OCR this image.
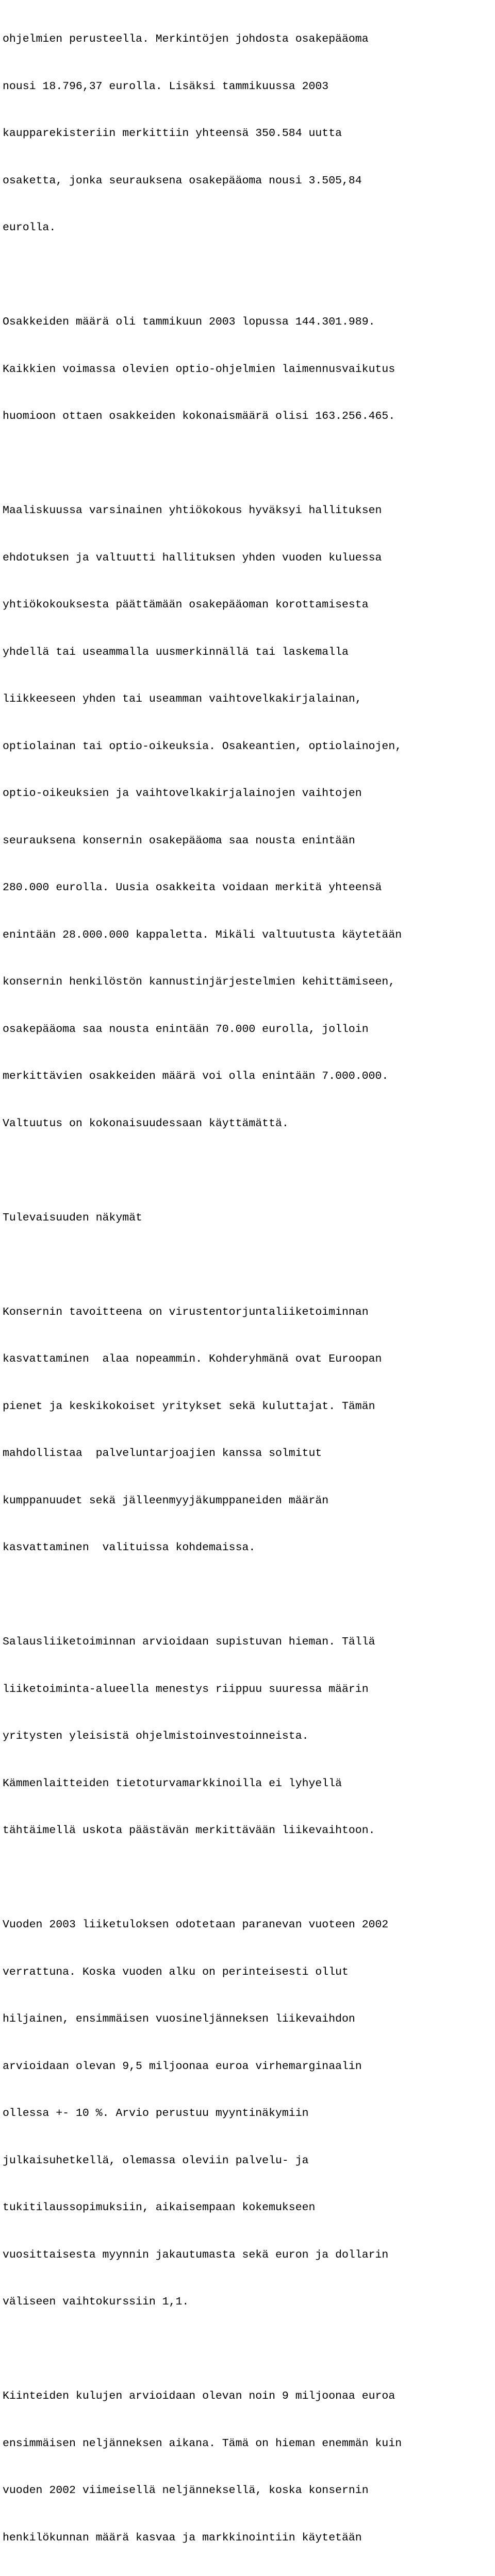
ohjelmien perusteella. Merkintöjen johdosta osakepääoma

nousi 18.796,37 eurolla. Lisäksi tammikuussa 2003

kaupparekisteriin merkittiin yhteensä 350.584 uutta

osaketta, jonka seurauksena osakepääoma nousi 3.505,84

eurolla.

Osakkeiden määrä oli tammikuun 2003 lopussa 144.301.989.

Kaikkien voimassa olevien optio-ohjelmien laimennusvaikutus

huomioon ottaen osakkeiden kokonaismäärä olisi 163.256.465.

Maaliskuussa varsinainen yhtiökokous hyväksyi hallituksen

ehdotuksen ja valtuutti hallituksen yhden vuoden kuluessa

yhtiökokouksesta päättämään osakepääoman korottamisesta

yhdellä tai useammalla uusmerkinnällä tai laskemalla

liikkeeseen yhden tai useamman vaihtovelkakirjalainan,

optiolainan tai optio-oikeuksia. Osakeantien, optiolainojen,

optio-oikeuksien ja vaihtovelkakirjalainojen vaihtojen

seurauksena konsernin osakepääoma saa nousta enintään

280.000 eurolla. Uusia osakkeita voidaan merkitä yhteensä

enintään 28.000.000 kappaletta. Mikäli valtuutusta käytetään

konsernin henkilöstön kannustinjärjestelmien kehittämiseen,

osakepääoma saa nousta enintään 70.000 eurolla, jolloin

merkittävien osakkeiden määrä voi olla enintään 7.000.000.

Valtuutus on kokonaisuudessaan käyttämättä.

Tulevaisuuden näkymät

Konsernin tavoitteena on virustentorjuntaliiketoiminnan

kasvattaminen  alaa nopeammin. Kohderyhmänä ovat Euroopan

pienet ja keskikokoiset yritykset sekä kuluttajat. Tämän

mahdollistaa  palveluntarjoajien kanssa solmitut

kumppanuudet sekä jälleenmyyjäkumppaneiden määrän

kasvattaminen  valituissa kohdemaissa.

Salausliiketoiminnan arvioidaan supistuvan hieman. Tällä

liiketoiminta-alueella menestys riippuu suuressa määrin

yritysten yleisistä ohjelmistoinvestoinneista.

Kämmenlaitteiden tietoturvamarkkinoilla ei lyhyellä

tähtäimellä uskota päästävän merkittävään liikevaihtoon.

Vuoden 2003 liiketuloksen odotetaan paranevan vuoteen 2002

verrattuna. Koska vuoden alku on perinteisesti ollut

hiljainen, ensimmäisen vuosineljänneksen liikevaihdon

arvioidaan olevan 9,5 miljoonaa euroa virhemarginaalin

ollessa +- 10 %. Arvio perustuu myyntinäkymiin

julkaisuhetkellä, olemassa oleviin palvelu- ja

tukitilaussopimuksiin, aikaisempaan kokemukseen

vuosittaisesta myynnin jakautumasta sekä euron ja dollarin

väliseen vaihtokurssiin 1,1.

Kiinteiden kulujen arvioidaan olevan noin 9 miljoonaa euroa

ensimmäisen neljänneksen aikana. Tämä on hieman enemmän kuin

vuoden 2002 viimeisellä neljänneksellä, koska konsernin

henkilökunnan määrä kasvaa ja markkinointiin käytetään
